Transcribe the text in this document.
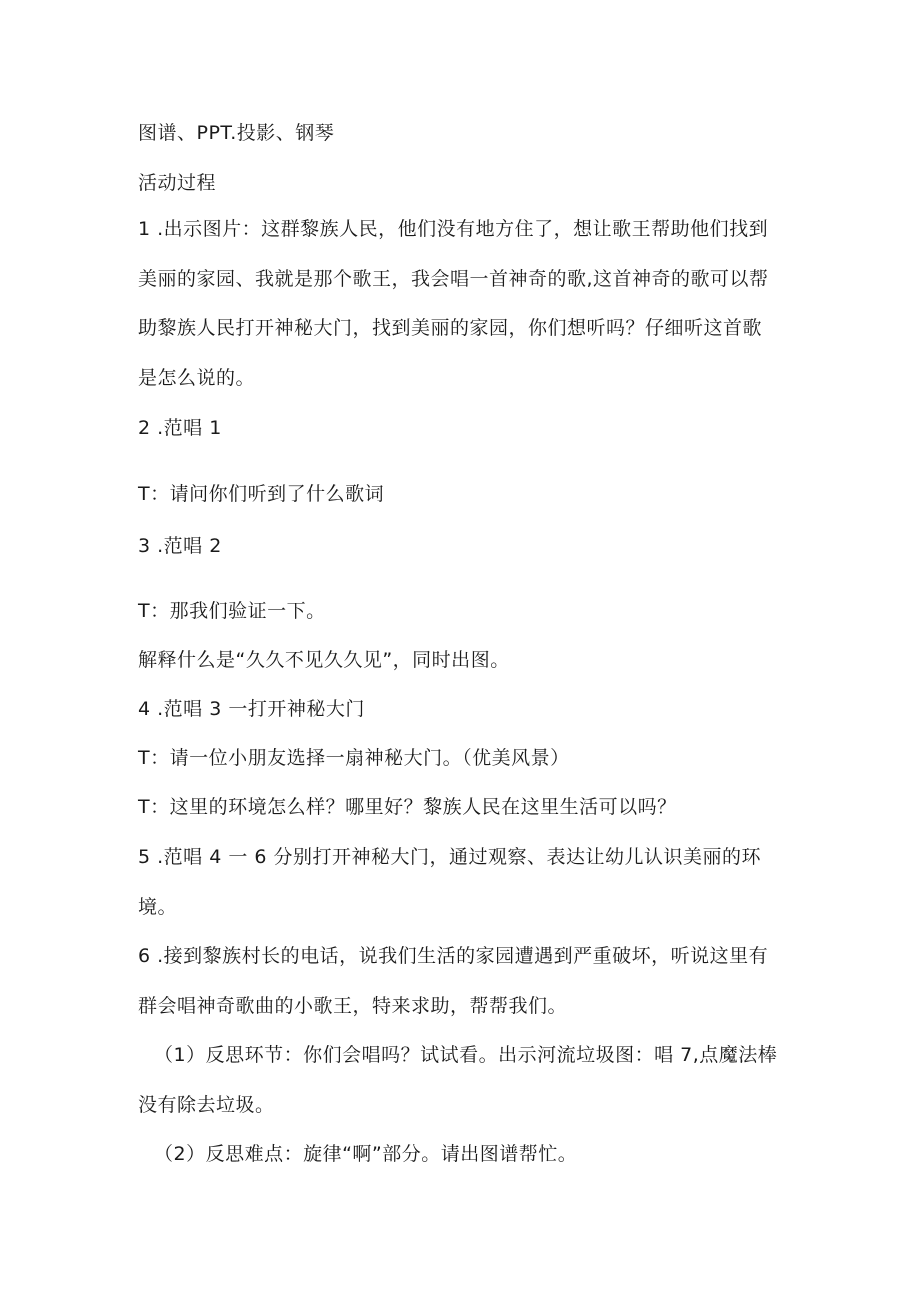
图谱、PPT.投影、钢琴
活动过程
1 .出示图片：这群黎族人民，他们没有地方住了，想让歌王帮助他们找到
美丽的家园、我就是那个歌王，我会唱一首神奇的歌,这首神奇的歌可以帮
助黎族人民打开神秘大门，找到美丽的家园，你们想听吗？仔细听这首歌
是怎么说的。
2 .范唱 1
T：请问你们听到了什么歌词
3 .范唱 2
T：那我们验证一下。
解释什么是“久久不见久久见”，同时出图。
4 .范唱 3 一打开神秘大门
T：请一位小朋友选择一扇神秘大门。（优美风景）
T：这里的环境怎么样？哪里好？黎族人民在这里生活可以吗？
5 .范唱 4 一 6 分别打开神秘大门，通过观察、表达让幼儿认识美丽的环
境。
6 .接到黎族村长的电话，说我们生活的家园遭遇到严重破坏，听说这里有
群会唱神奇歌曲的小歌王，特来求助，帮帮我们。
（1）反思环节：你们会唱吗？试试看。出示河流垃圾图：唱 7,点魔法棒
没有除去垃圾。
（2）反思难点：旋律“啊”部分。请出图谱帮忙。
